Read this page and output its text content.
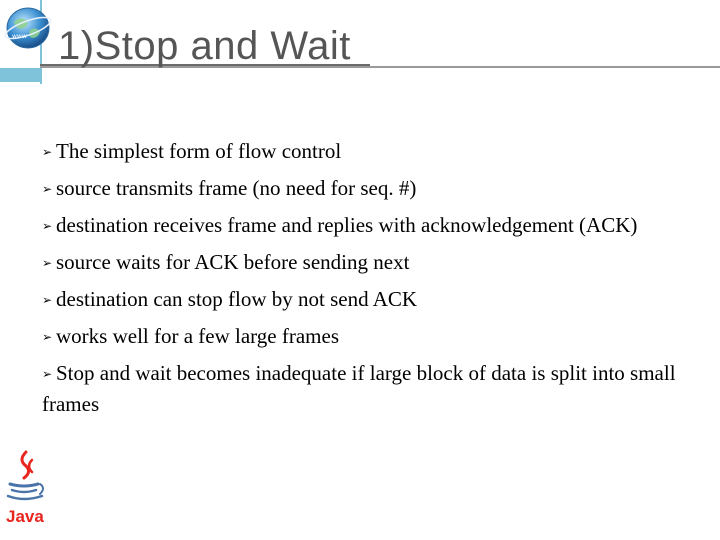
www 1)Stop and Wait
➢ The simplest form of flow control
➢ source transmits frame (no need for seq. #)
➢ destination receives frame and replies with acknowledgement (ACK)
➢ source waits for ACK before sending next
➢ destination can stop flow by not send ACK
➢ works well for a few large frames
➢ Stop and wait becomes inadequate if large block of data is split into small frames
Java
